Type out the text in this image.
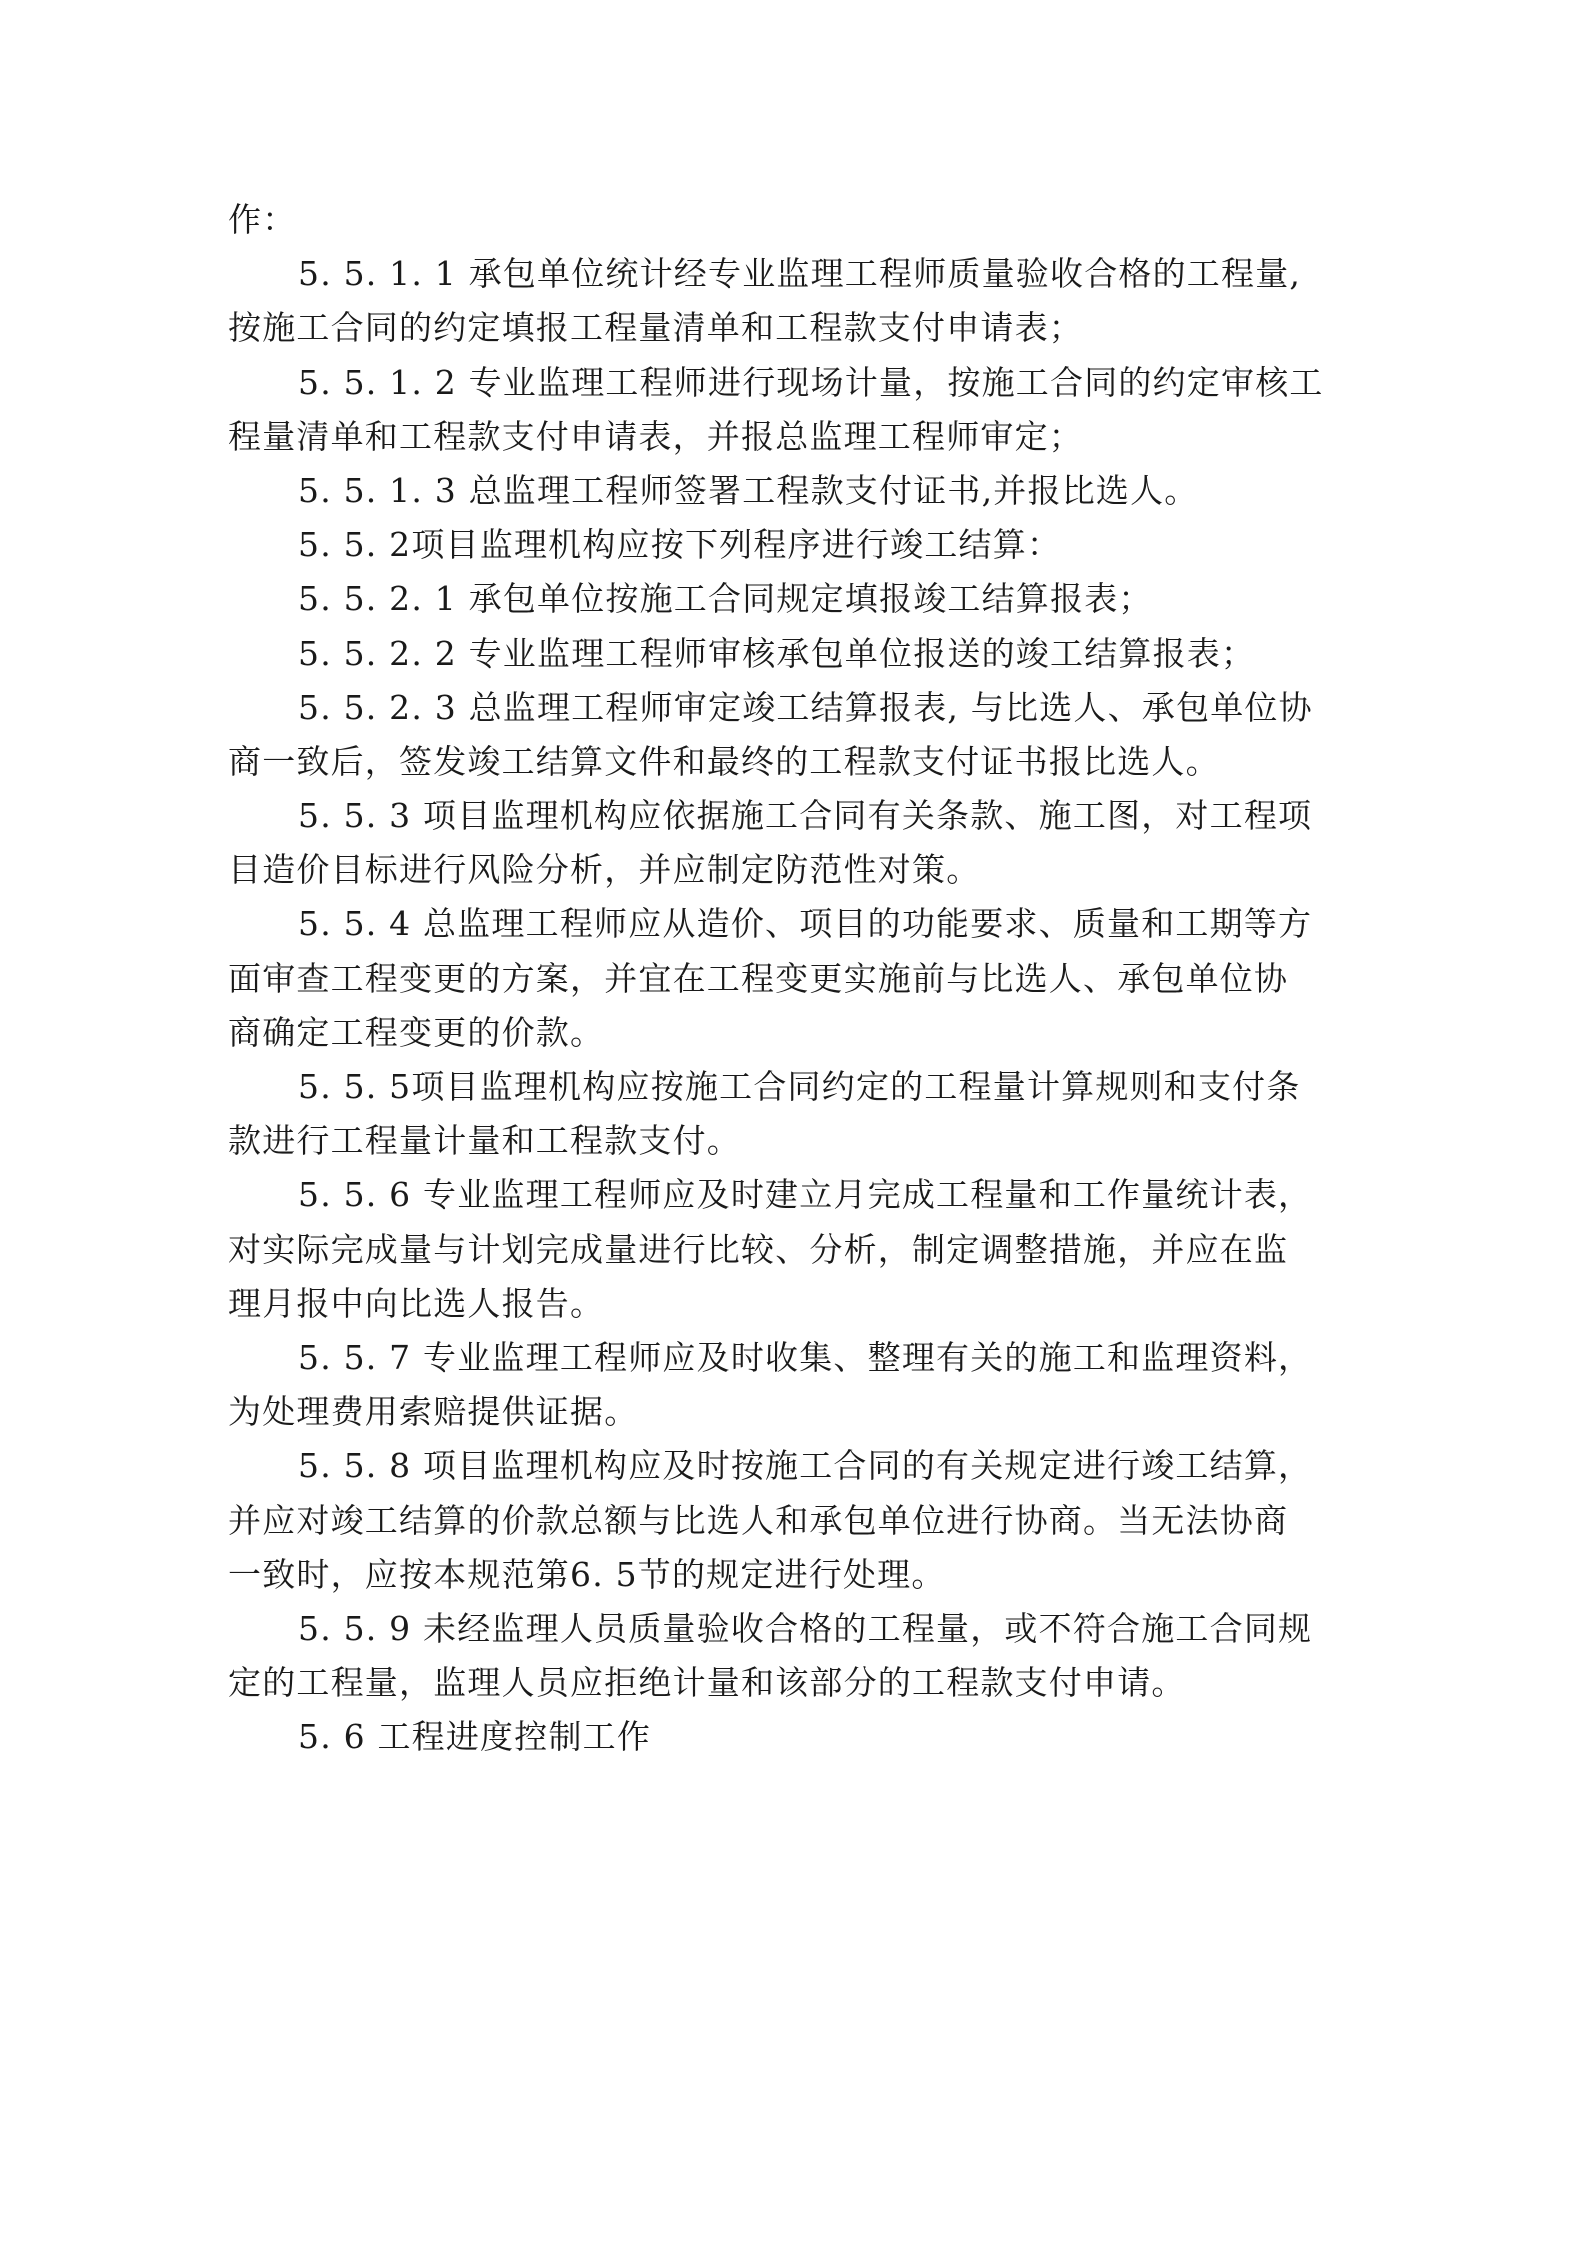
作：
5. 5. 1. 1 承包单位统计经专业监理工程师质量验收合格的工程量,
按施工合同的约定填报工程量清单和工程款支付申请表；
5. 5. 1. 2 专业监理工程师进行现场计量，按施工合同的约定审核工
程量清单和工程款支付申请表，并报总监理工程师审定；
5. 5. 1. 3 总监理工程师签署工程款支付证书,并报比选人。
5. 5. 2项目监理机构应按下列程序进行竣工结算：
5. 5. 2. 1 承包单位按施工合同规定填报竣工结算报表；
5. 5. 2. 2 专业监理工程师审核承包单位报送的竣工结算报表；
5. 5. 2. 3 总监理工程师审定竣工结算报表, 与比选人、承包单位协
商一致后，签发竣工结算文件和最终的工程款支付证书报比选人。
5. 5. 3 项目监理机构应依据施工合同有关条款、施工图，对工程项
目造价目标进行风险分析，并应制定防范性对策。
5. 5. 4 总监理工程师应从造价、项目的功能要求、质量和工期等方
面审查工程变更的方案，并宜在工程变更实施前与比选人、承包单位协
商确定工程变更的价款。
5. 5. 5项目监理机构应按施工合同约定的工程量计算规则和支付条
款进行工程量计量和工程款支付。
5. 5. 6 专业监理工程师应及时建立月完成工程量和工作量统计表，
对实际完成量与计划完成量进行比较、分析，制定调整措施，并应在监
理月报中向比选人报告。
5. 5. 7 专业监理工程师应及时收集、整理有关的施工和监理资料，
为处理费用索赔提供证据。
5. 5. 8 项目监理机构应及时按施工合同的有关规定进行竣工结算，
并应对竣工结算的价款总额与比选人和承包单位进行协商。当无法协商
一致时，应按本规范第6. 5节的规定进行处理。
5. 5. 9 未经监理人员质量验收合格的工程量，或不符合施工合同规
定的工程量，监理人员应拒绝计量和该部分的工程款支付申请。
5. 6 工程进度控制工作
